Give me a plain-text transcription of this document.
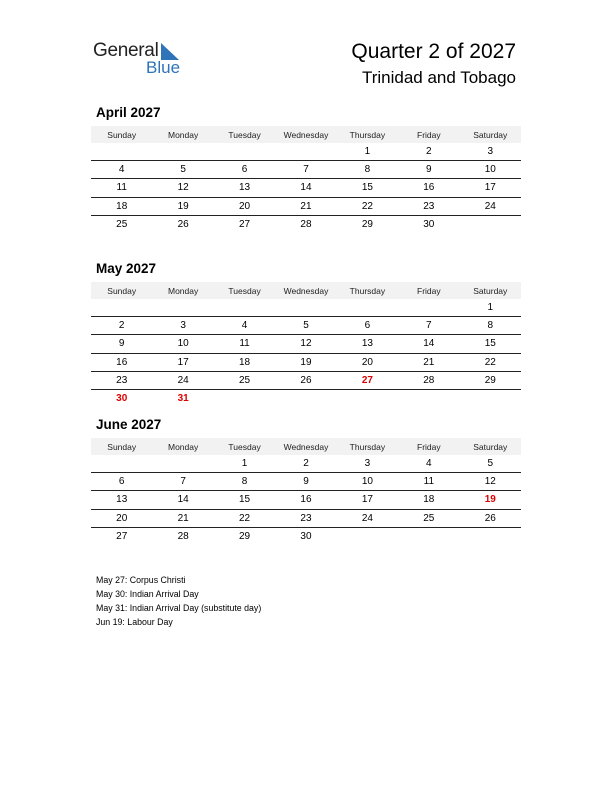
General
Blue
Quarter 2 of 2027
Trinidad and Tobago
April 2027
Sunday	Monday	Tuesday	Wednesday	Thursday	Friday	Saturday
				1	2	3
4	5	6	7	8	9	10
11	12	13	14	15	16	17
18	19	20	21	22	23	24
25	26	27	28	29	30	
May 2027
Sunday	Monday	Tuesday	Wednesday	Thursday	Friday	Saturday
						1
2	3	4	5	6	7	8
9	10	11	12	13	14	15
16	17	18	19	20	21	22
23	24	25	26	27	28	29
30	31					
June 2027
Sunday	Monday	Tuesday	Wednesday	Thursday	Friday	Saturday
		1	2	3	4	5
6	7	8	9	10	11	12
13	14	15	16	17	18	19
20	21	22	23	24	25	26
27	28	29	30			
May 27: Corpus Christi
May 30: Indian Arrival Day
May 31: Indian Arrival Day (substitute day)
Jun 19: Labour Day
